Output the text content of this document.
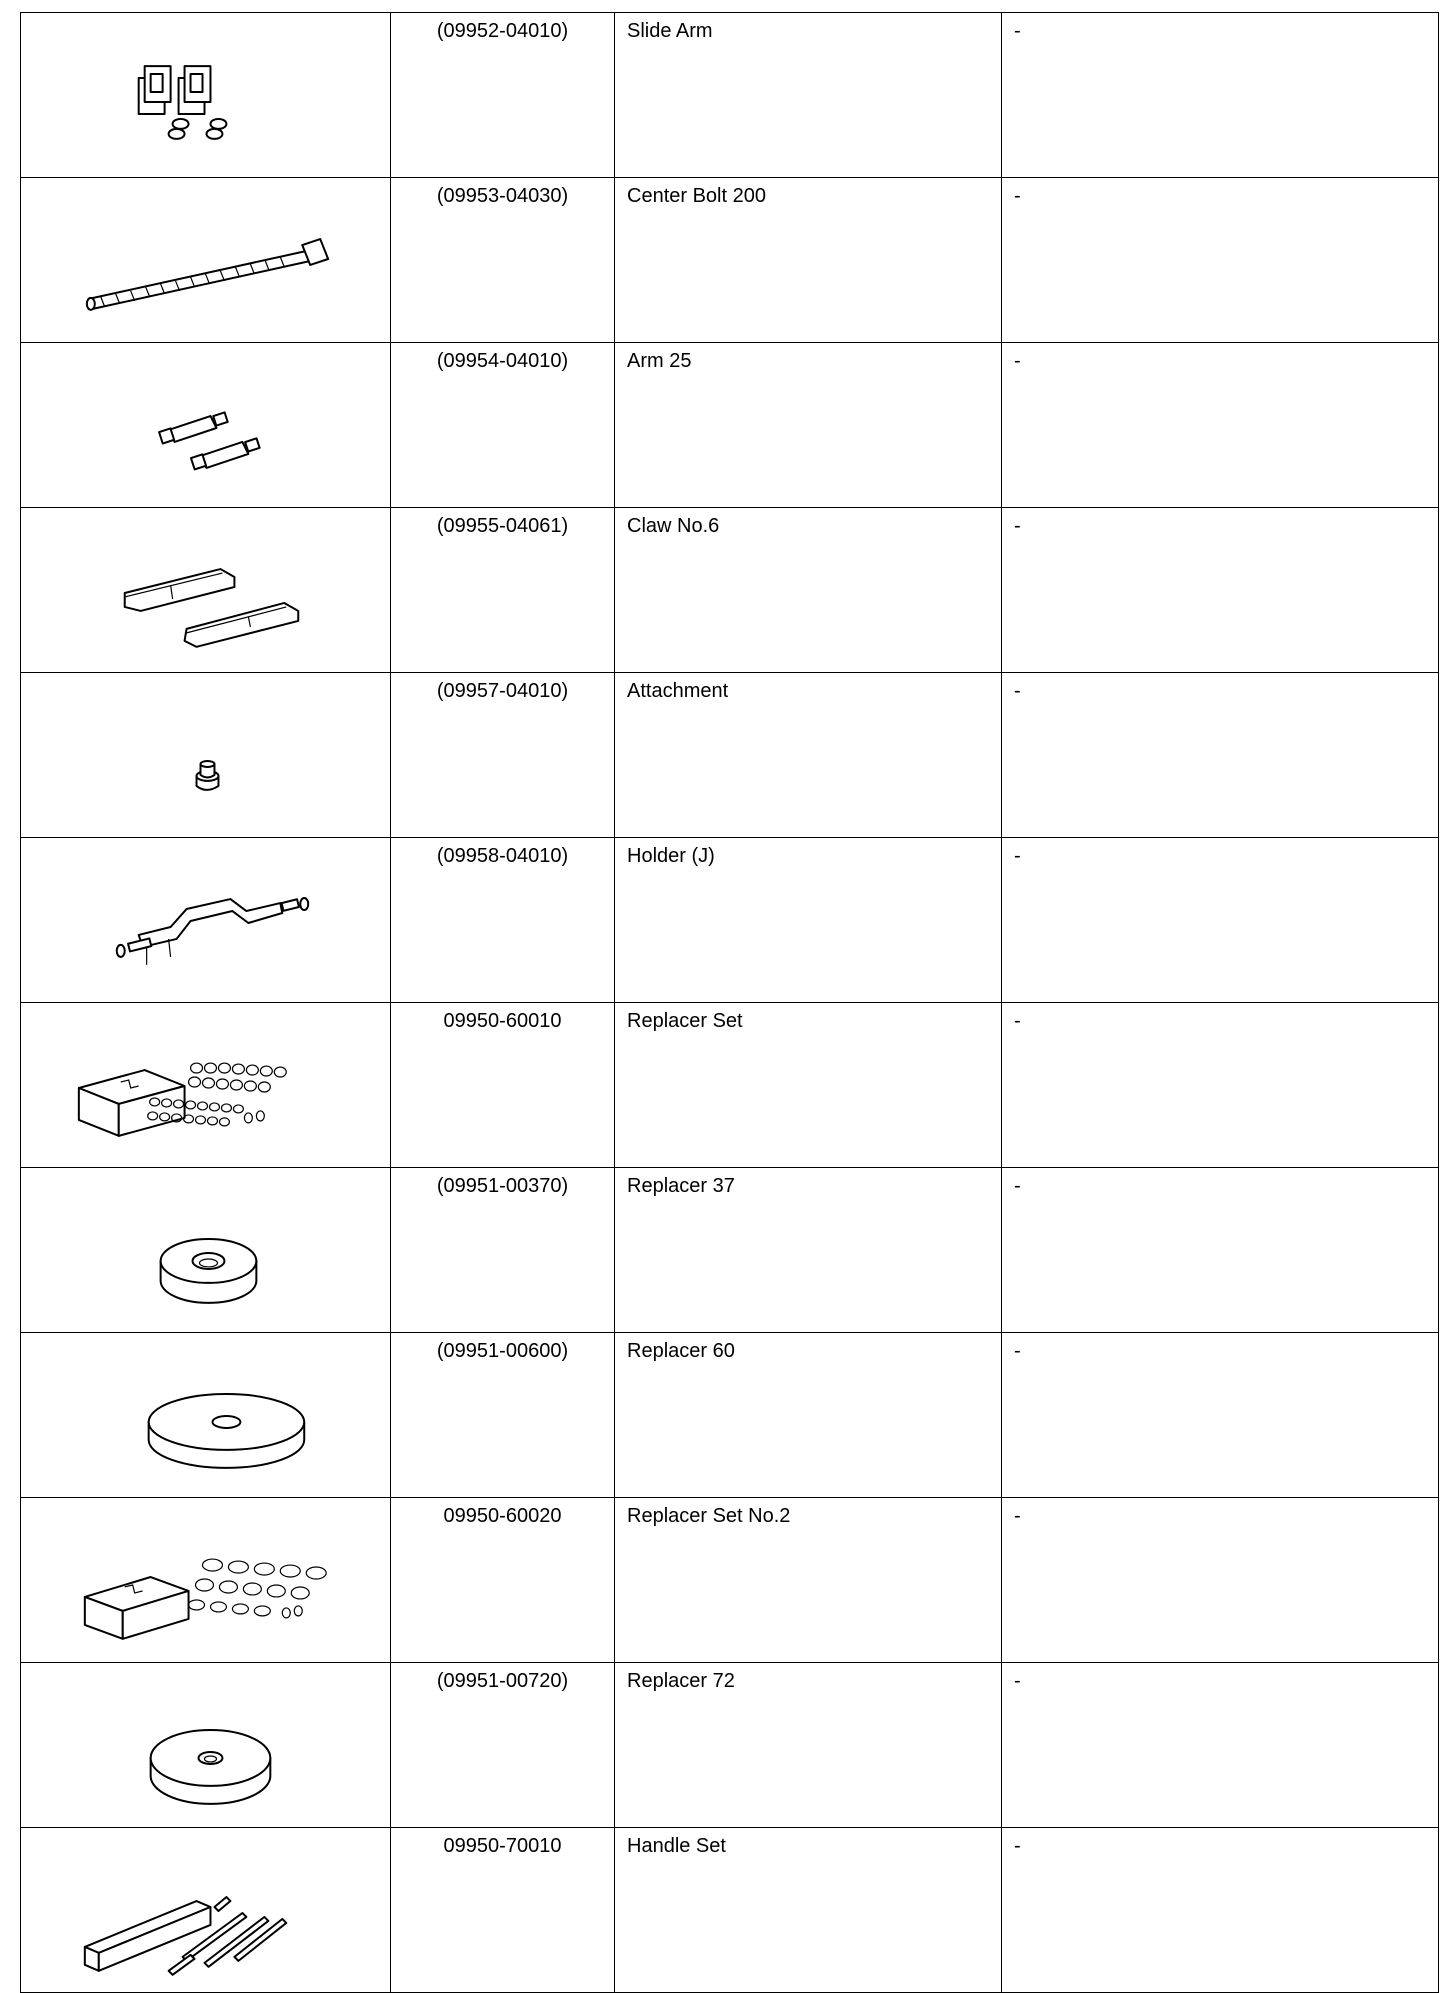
	(09952-04010)	Slide Arm	-

	(09953-04030)	Center Bolt 200	-

	(09954-04010)	Arm 25	-

	(09955-04061)	Claw No.6	-

	(09957-04010)	Attachment	-

	(09958-04010)	Holder (J)	-

	09950-60010	Replacer Set	-

	(09951-00370)	Replacer 37	-

	(09951-00600)	Replacer 60	-

	09950-60020	Replacer Set No.2	-

	(09951-00720)	Replacer 72	-

	09950-70010	Handle Set	-
